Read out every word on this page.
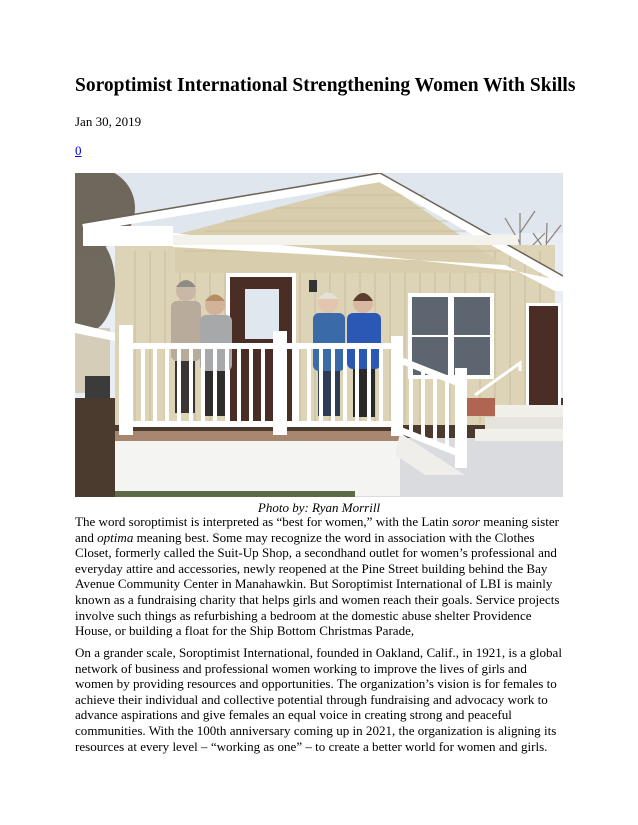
Soroptimist International Strengthening Women With Skills
Jan 30, 2019
0
Photo by: Ryan Morrill

The word soroptimist is interpreted as “best for women,” with the Latin soror meaning sister and optima meaning best. Some may recognize the word in association with the Clothes Closet, formerly called the Suit-Up Shop, a secondhand outlet for women’s professional and everyday attire and accessories, newly reopened at the Pine Street building behind the Bay Avenue Community Center in Manahawkin. But Soroptimist International of LBI is mainly known as a fundraising charity that helps girls and women reach their goals. Service projects involve such things as refurbishing a bedroom at the domestic abuse shelter Providence House, or building a float for the Ship Bottom Christmas Parade,

On a grander scale, Soroptimist International, founded in Oakland, Calif., in 1921, is a global network of business and professional women working to improve the lives of girls and women by providing resources and opportunities. The organization’s vision is for females to achieve their individual and collective potential through fundraising and advocacy work to advance aspirations and give females an equal voice in creating strong and peaceful communities. With the 100th anniversary coming up in 2021, the organization is aligning its resources at every level – “working as one” – to create a better world for women and girls.
